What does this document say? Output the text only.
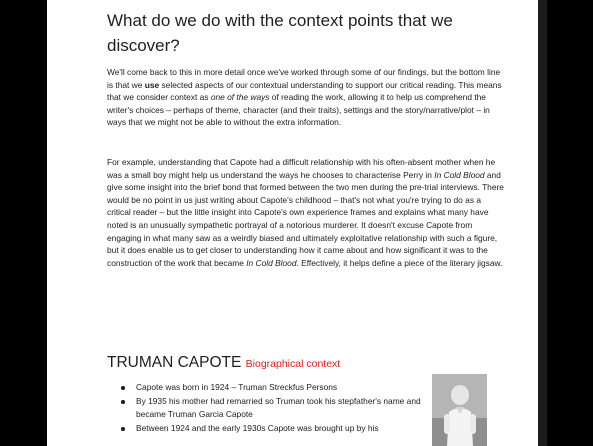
What do we do with the context points that we discover?

We'll come back to this in more detail once we've worked through some of our findings, but the bottom line is that we use selected aspects of our contextual understanding to support our critical reading. This means that we consider context as one of the ways of reading the work, allowing it to help us comprehend the writer's choices – perhaps of theme, character (and their traits), settings and the story/narrative/plot – in ways that we might not be able to without the extra information.

For example, understanding that Capote had a difficult relationship with his often-absent mother when he was a small boy might help us understand the ways he chooses to characterise Perry in In Cold Blood and give some insight into the brief bond that formed between the two men during the pre-trial interviews. There would be no point in us just writing about Capote's childhood – that's not what you're trying to do as a critical reader – but the little insight into Capote's own experience frames and explains what many have noted is an unusually sympathetic portrayal of a notorious murderer. It doesn't excuse Capote from engaging in what many saw as a weirdly biased and ultimately exploitative relationship with such a figure, but it does enable us to get closer to understanding how it came about and how significant it was to the construction of the work that became In Cold Blood. Effectively, it helps define a piece of the literary jigsaw.

TRUMAN CAPOTE Biographical context
Capote was born in 1924 – Truman Streckfus Persons
By 1935 his mother had remarried so Truman took his stepfather's name and became Truman Garcia Capote
Between 1924 and the early 1930s Capote was brought up by his
